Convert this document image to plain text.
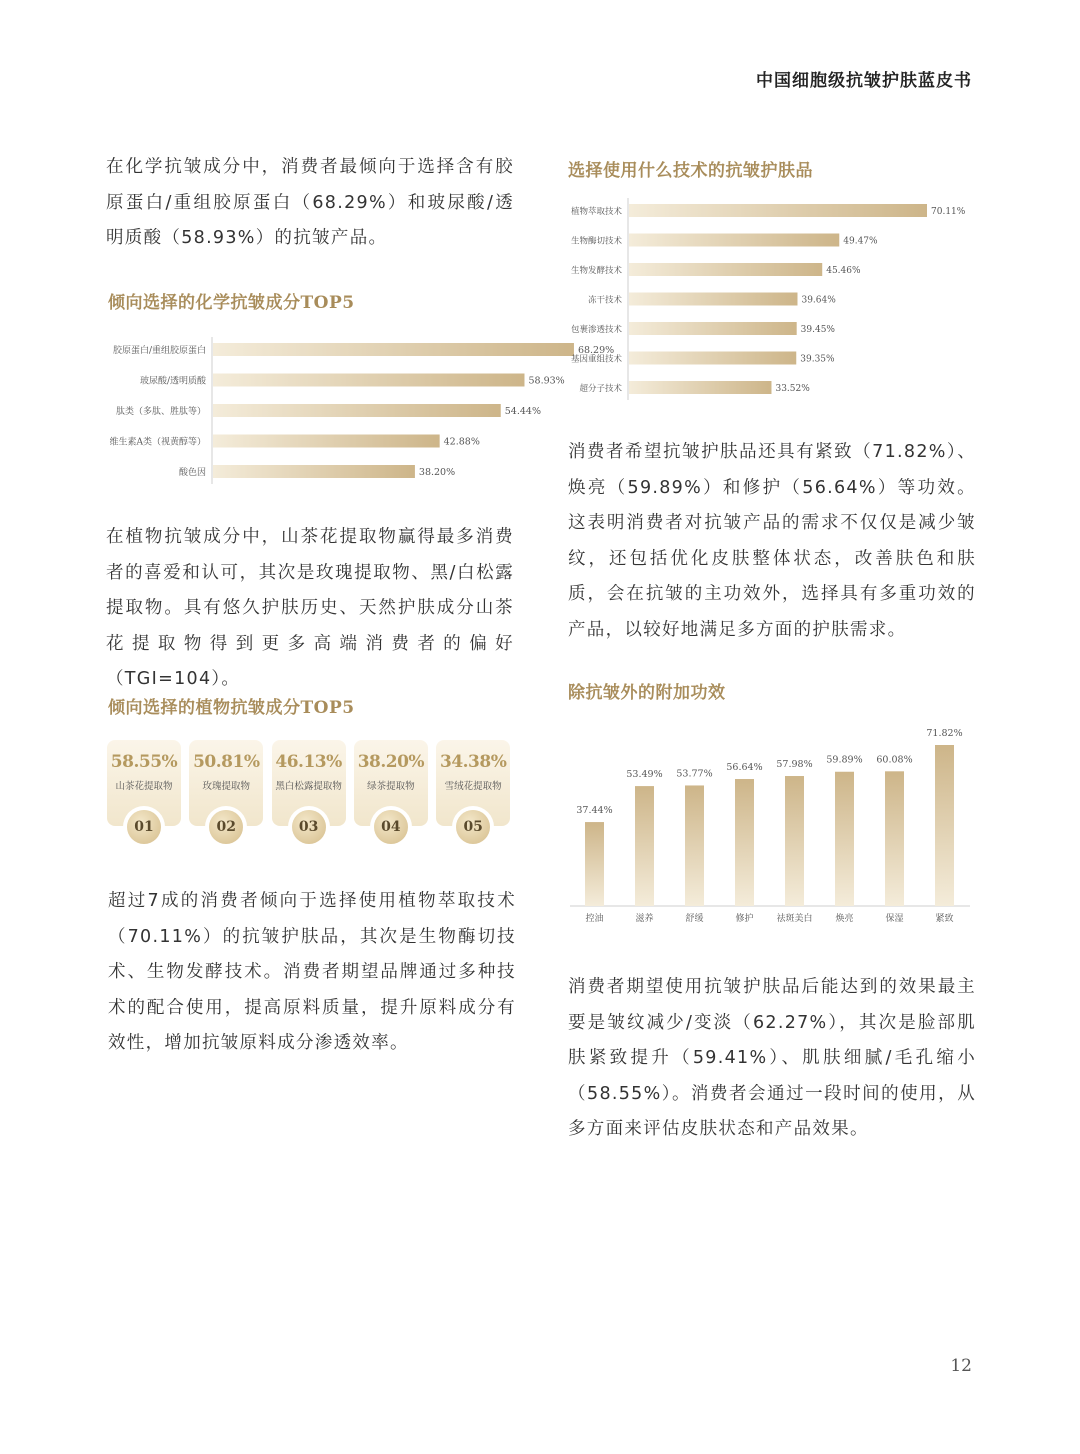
中国细胞级抗皱护肤蓝皮书

在化学抗皱成分中，消费者最倾向于选择含有胶原蛋白/重组胶原蛋白（68.29%）和玻尿酸/透明质酸（58.93%）的抗皱产品。

倾向选择的化学抗皱成分TOP5
胶原蛋白/重组胶原蛋白	68.29%
玻尿酸/透明质酸	58.93%
肽类（多肽、胜肽等）	54.44%
维生素A类（视黄醇等）	42.88%
酸色因	38.20%

在植物抗皱成分中，山茶花提取物赢得最多消费者的喜爱和认可，其次是玫瑰提取物、黑/白松露提取物。具有悠久护肤历史、天然护肤成分山茶花提取物得到更多高端消费者的偏好（TGI=104）。

倾向选择的植物抗皱成分TOP5
58.55%
山茶花提取物
01
50.81%
玫瑰提取物
02
46.13%
黑白松露提取物
03
38.20%
绿茶提取物
04
34.38%
雪绒花提取物
05

超过7成的消费者倾向于选择使用植物萃取技术（70.11%）的抗皱护肤品，其次是生物酶切技术、生物发酵技术。消费者期望品牌通过多种技术的配合使用，提高原料质量，提升原料成分有效性，增加抗皱原料成分渗透效率。

选择使用什么技术的抗皱护肤品
植物萃取技术	70.11%
生物酶切技术	49.47%
生物发酵技术	45.46%
冻干技术	39.64%
包裹渗透技术	39.45%
基因重组技术	39.35%
超分子技术	33.52%

消费者希望抗皱护肤品还具有紧致（71.82%）、焕亮（59.89%）和修护（56.64%）等功效。这表明消费者对抗皱产品的需求不仅仅是减少皱纹，还包括优化皮肤整体状态，改善肤色和肤质，会在抗皱的主功效外，选择具有多重功效的产品，以较好地满足多方面的护肤需求。

除抗皱外的附加功效
37.44%
控油
53.49%
滋养
53.77%
舒缓
56.64%
修护
57.98%
祛斑美白
59.89%
焕亮
60.08%
保湿
71.82%
紧致

消费者期望使用抗皱护肤品后能达到的效果最主要是皱纹减少/变淡（62.27%），其次是脸部肌肤紧致提升（59.41%）、肌肤细腻/毛孔缩小（58.55%）。消费者会通过一段时间的使用，从多方面来评估皮肤状态和产品效果。

12
